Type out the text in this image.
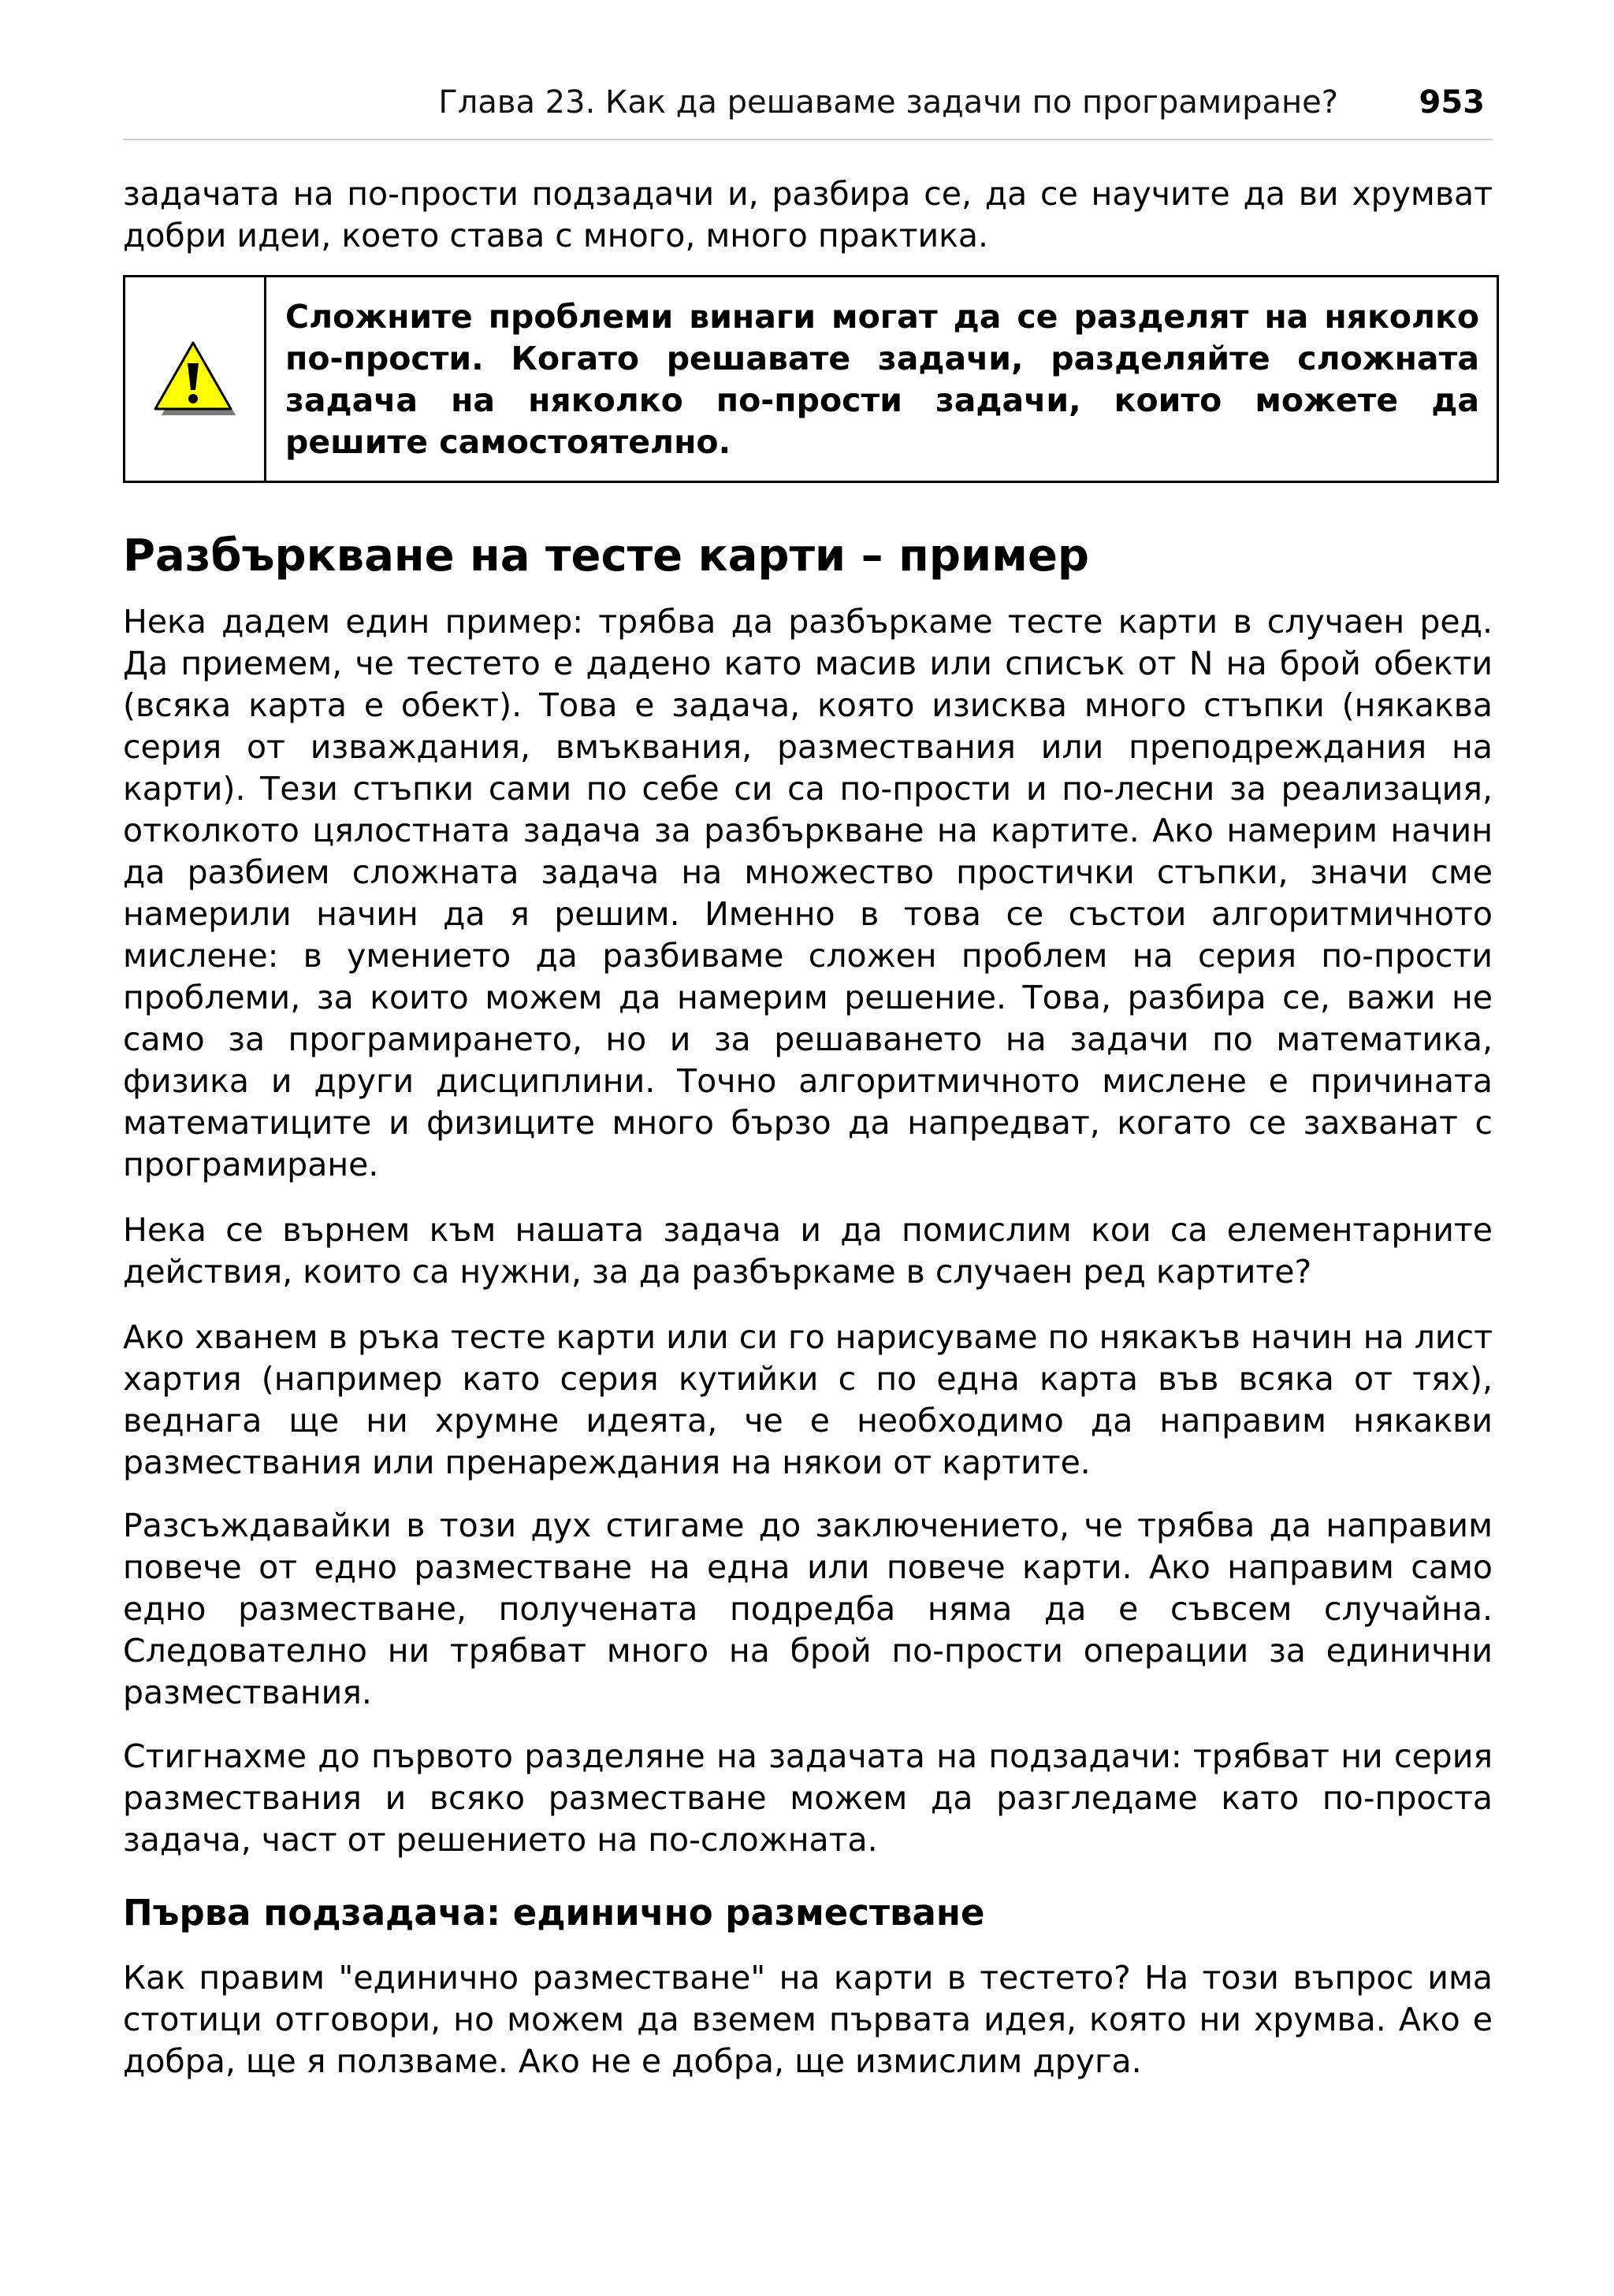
Глава 23. Как да решаваме задачи по програмиране?	953

задачата на по-прости подзадачи и, разбира се, да се научите да ви хрумват добри идеи, което става с много, много практика.

Сложните проблеми винаги могат да се разделят на няколко по-прости. Когато решавате задачи, разделяйте сложната задача на няколко по-прости задачи, които можете да решите самостоятелно.
Разбъркване на тесте карти – пример

Нека дадем един пример: трябва да разбъркаме тесте карти в случаен ред. Да приемем, че тестето е дадено като масив или списък от N на брой обекти (всяка карта е обект). Това е задача, която изисква много стъпки (някаква серия от изваждания, вмъквания, размествания или преподреждания на карти). Тези стъпки сами по себе си са по-прости и по-лесни за реализация, отколкото цялостната задача за разбъркване на картите. Ако намерим начин да разбием сложната задача на множество простички стъпки, значи сме намерили начин да я решим. Именно в това се състои алгоритмичното мислене: в умението да разбиваме сложен проблем на серия по-прости проблеми, за които можем да намерим решение. Това, разбира се, важи не само за програмирането, но и за решаването на задачи по математика, физика и други дисциплини. Точно алгоритмичното мислене е причината математиците и физиците много бързо да напредват, когато се захванат с програмиране.

Нека се върнем към нашата задача и да помислим кои са елементарните действия, които са нужни, за да разбъркаме в случаен ред картите?

Ако хванем в ръка тесте карти или си го нарисуваме по някакъв начин на лист хартия (например като серия кутийки с по една карта във всяка от тях), веднага ще ни хрумне идеята, че е необходимо да направим някакви размествания или пренареждания на някои от картите.

Разсъждавайки в този дух стигаме до заключението, че трябва да направим повече от едно разместване на една или повече карти. Ако направим само едно разместване, получената подредба няма да е съвсем случайна. Следователно ни трябват много на брой по-прости операции за единични размествания.

Стигнахме до първото разделяне на задачата на подзадачи: трябват ни серия размествания и всяко разместване можем да разгледаме като по-проста задача, част от решението на по-сложната.

Първа подзадача: единично разместване

Как правим "единично разместване" на карти в тестето? На този въпрос има стотици отговори, но можем да вземем първата идея, която ни хрумва. Ако е добра, ще я ползваме. Ако не е добра, ще измислим друга.
